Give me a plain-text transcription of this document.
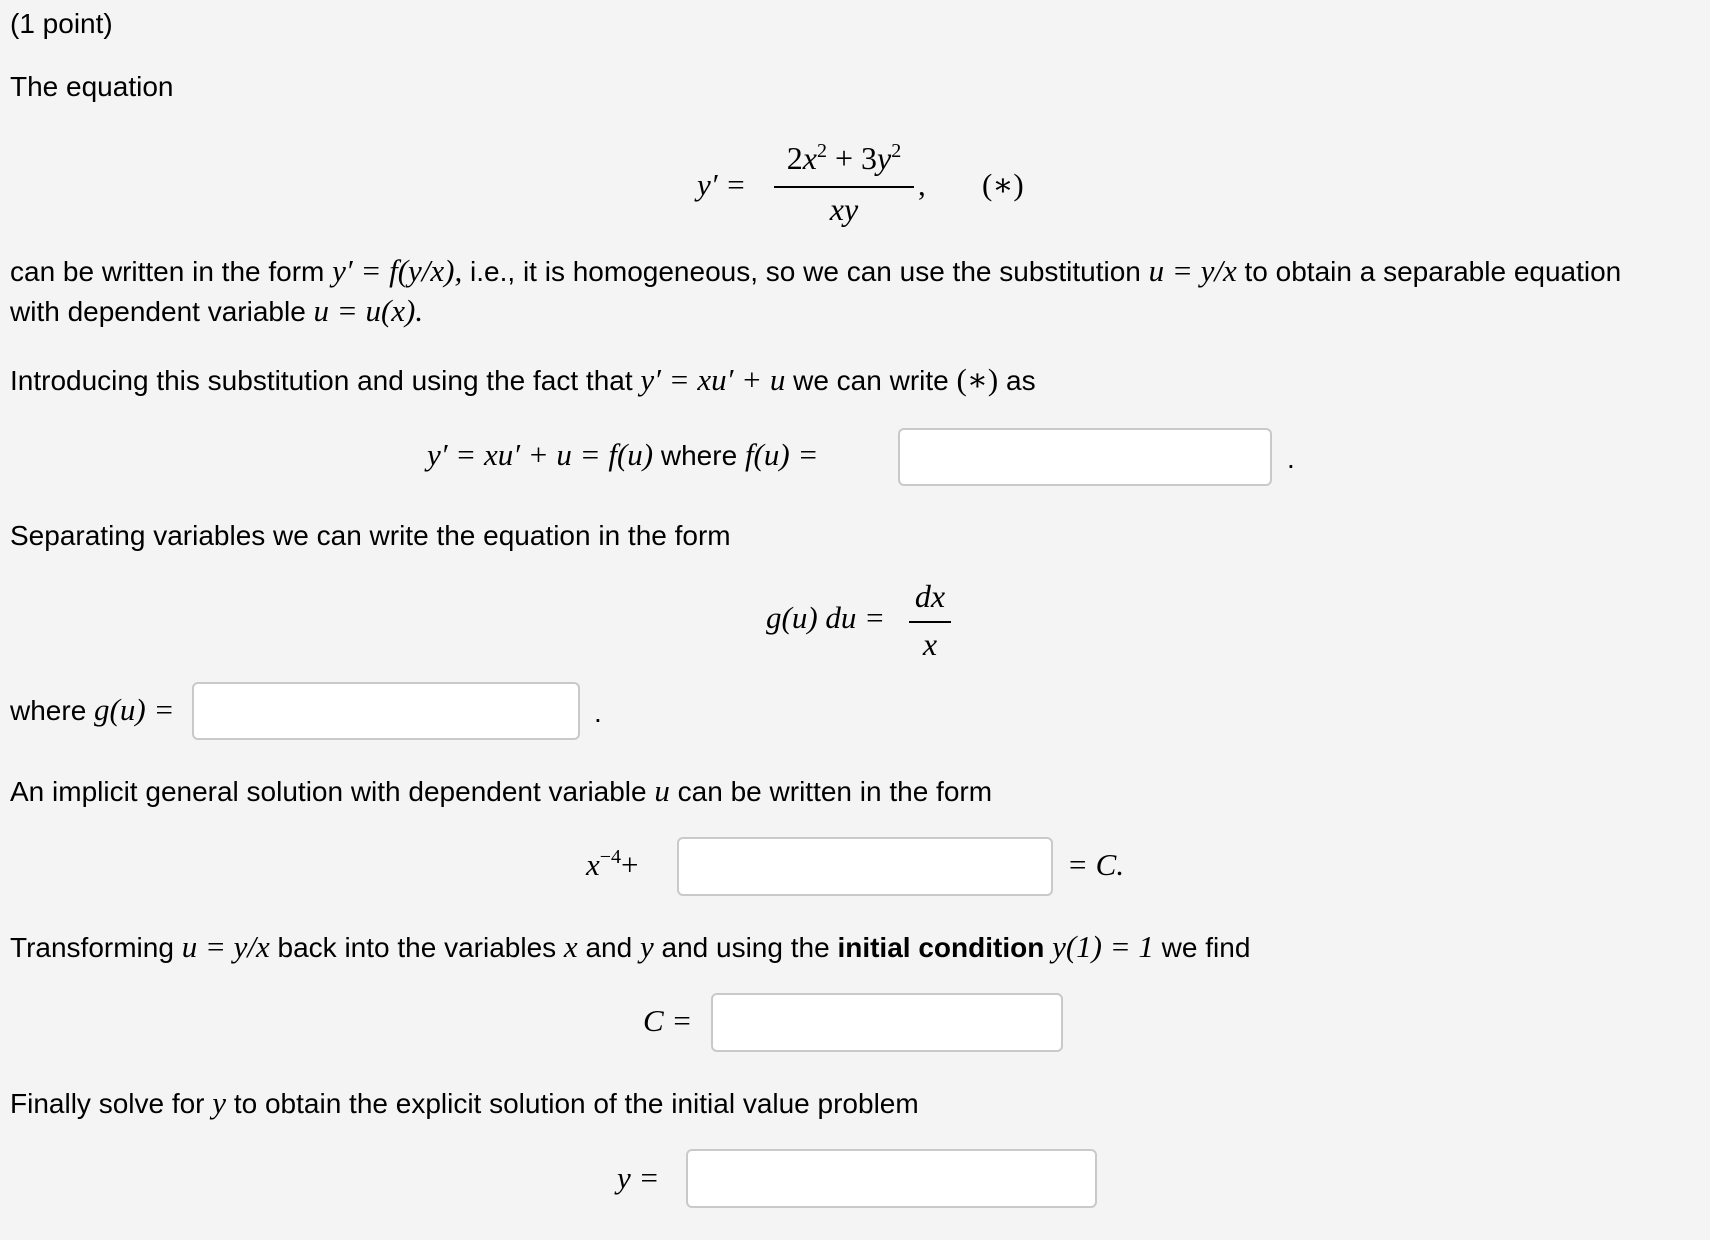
(1 point)
The equation
y′ =
$2x^2 + 3y^2$
xy
, (∗)
can be written in the form y′ = f(y/x), i.e., it is homogeneous, so we can use the substitution u = y/x to obtain a separable equation
with dependent variable u = u(x).
Introducing this substitution and using the fact that y′ = xu′ + u we can write (∗) as
y′ = xu′ + u = f(u) where f(u) =	.
Separating variables we can write the equation in the form
g(u) du =
dx
x
where g(u) =	.
An implicit general solution with dependent variable u can be written in the form
$x^{-4}+$	= C.
Transforming u = y/x back into the variables x and y and using the initial condition y(1) = 1 we find
C =
Finally solve for y to obtain the explicit solution of the initial value problem
y =
